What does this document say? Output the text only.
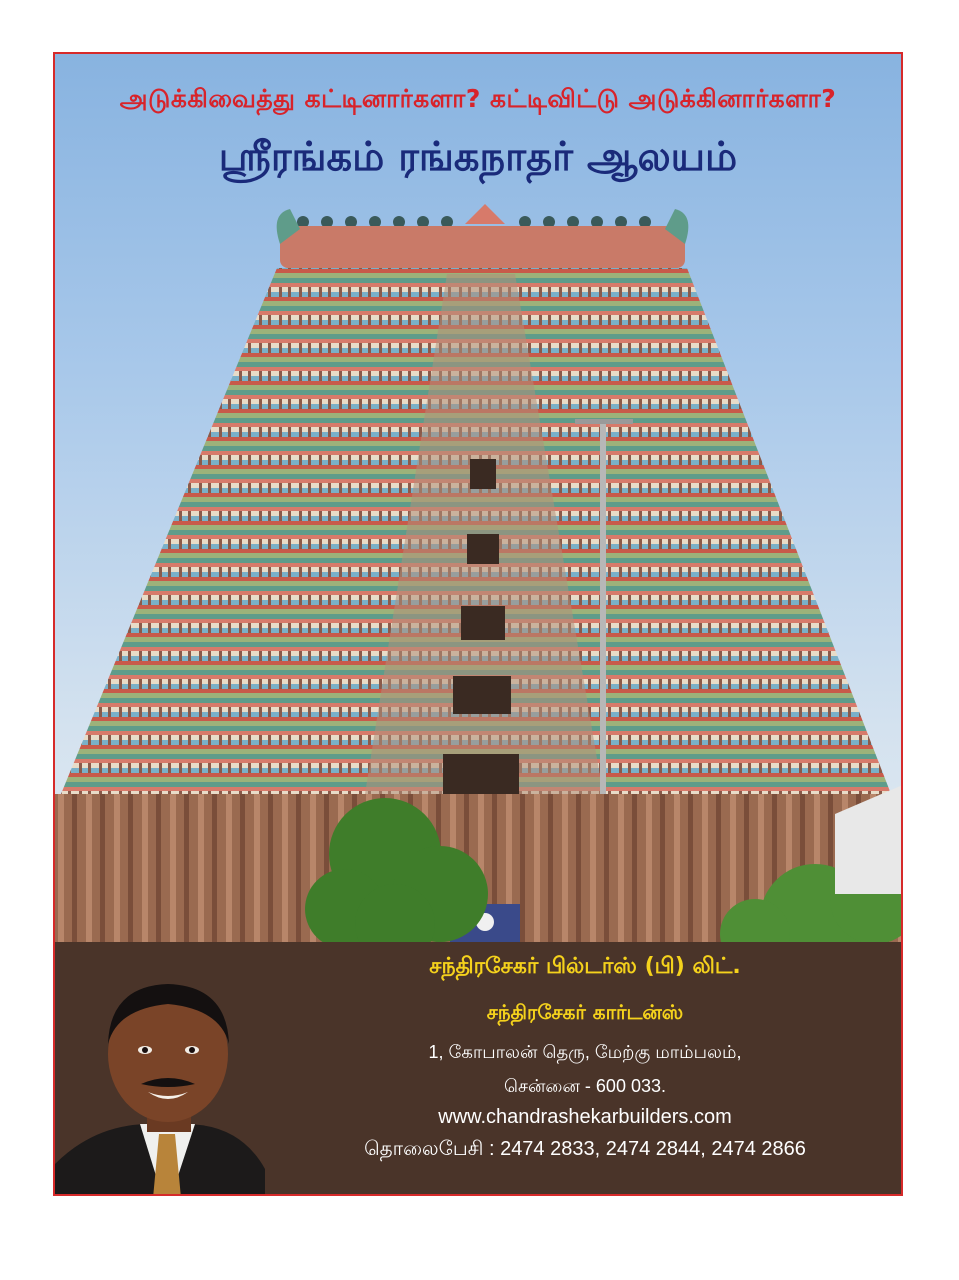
அடுக்கிவைத்து கட்டினார்களா? கட்டிவிட்டு அடுக்கினார்களா?
ஸ்ரீரங்கம் ரங்கநாதர் ஆலயம்
சந்திரசேகர் பில்டர்ஸ் (பி) லிட்.
சந்திரசேகர் கார்டன்ஸ்
1, கோபாலன் தெரு, மேற்கு மாம்பலம்,
சென்னை - 600 033.
www.chandrashekarbuilders.com
தொலைபேசி : 2474 2833, 2474 2844, 2474 2866
